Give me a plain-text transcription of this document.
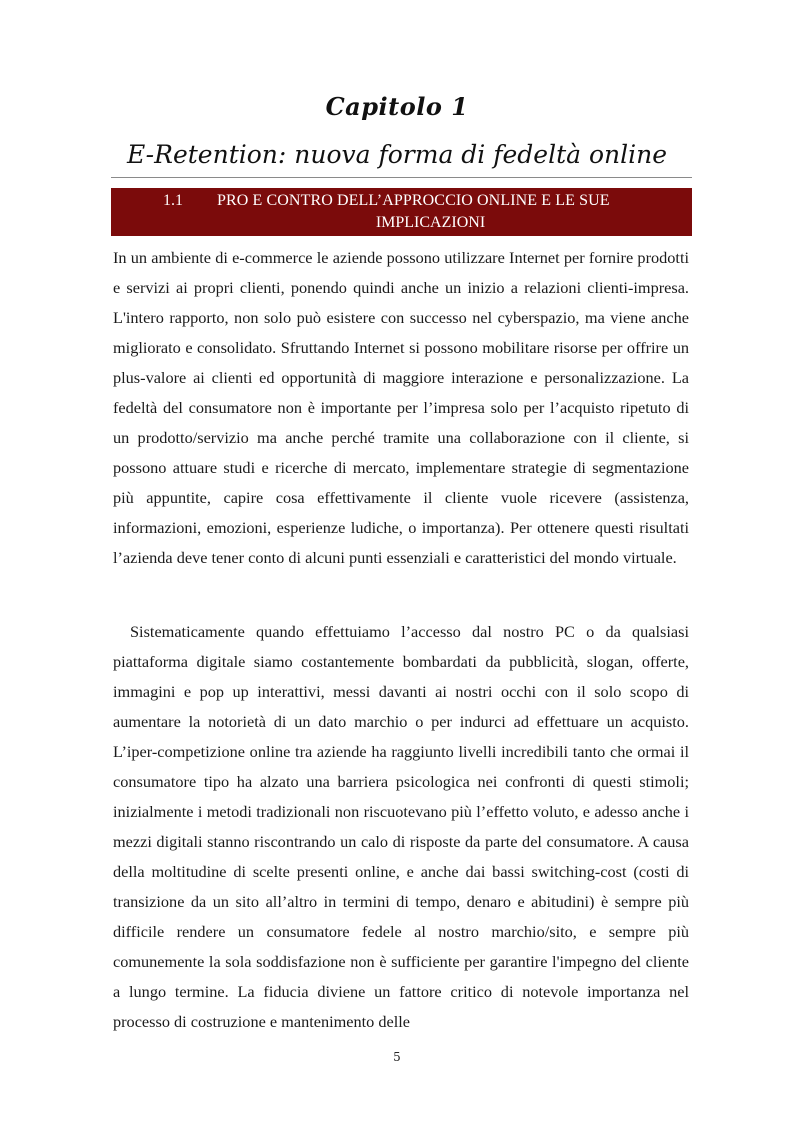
Capitolo 1
E-Retention: nuova forma di fedeltà online
1.1 PRO E CONTRO DELL’APPROCCIO ONLINE E LE SUE
IMPLICAZIONI

In un ambiente di e-commerce le aziende possono utilizzare Internet per fornire prodotti e servizi ai propri clienti, ponendo quindi anche un inizio a relazioni clienti-impresa. L'intero rapporto, non solo può esistere con successo nel cyberspazio, ma viene anche migliorato e consolidato. Sfruttando Internet si possono mobilitare risorse per offrire un plus-valore ai clienti ed opportunità di maggiore interazione e personalizzazione. La fedeltà del consumatore non è importante per l’impresa solo per l’acquisto ripetuto di un prodotto/servizio ma anche perché tramite una collaborazione con il cliente, si possono attuare studi e ricerche di mercato, implementare strategie di segmentazione più appuntite, capire cosa effettivamente il cliente vuole ricevere (assistenza, informazioni, emozioni, esperienze ludiche, o importanza). Per ottenere questi risultati l’azienda deve tener conto di alcuni punti essenziali e caratteristici del mondo virtuale.

Sistematicamente quando effettuiamo l’accesso dal nostro PC o da qualsiasi piattaforma digitale siamo costantemente bombardati da pubblicità, slogan, offerte, immagini e pop up interattivi, messi davanti ai nostri occhi con il solo scopo di aumentare la notorietà di un dato marchio o per indurci ad effettuare un acquisto. L’iper-competizione online tra aziende ha raggiunto livelli incredibili tanto che ormai il consumatore tipo ha alzato una barriera psicologica nei confronti di questi stimoli; inizialmente i metodi tradizionali non riscuotevano più l’effetto voluto, e adesso anche i mezzi digitali stanno riscontrando un calo di risposte da parte del consumatore. A causa della moltitudine di scelte presenti online, e anche dai bassi switching-cost (costi di transizione da un sito all’altro in termini di tempo, denaro e abitudini) è sempre più difficile rendere un consumatore fedele al nostro marchio/sito, e sempre più comunemente la sola soddisfazione non è sufficiente per garantire l'impegno del cliente a lungo termine. La fiducia diviene un fattore critico di notevole importanza nel processo di costruzione e mantenimento delle

5
